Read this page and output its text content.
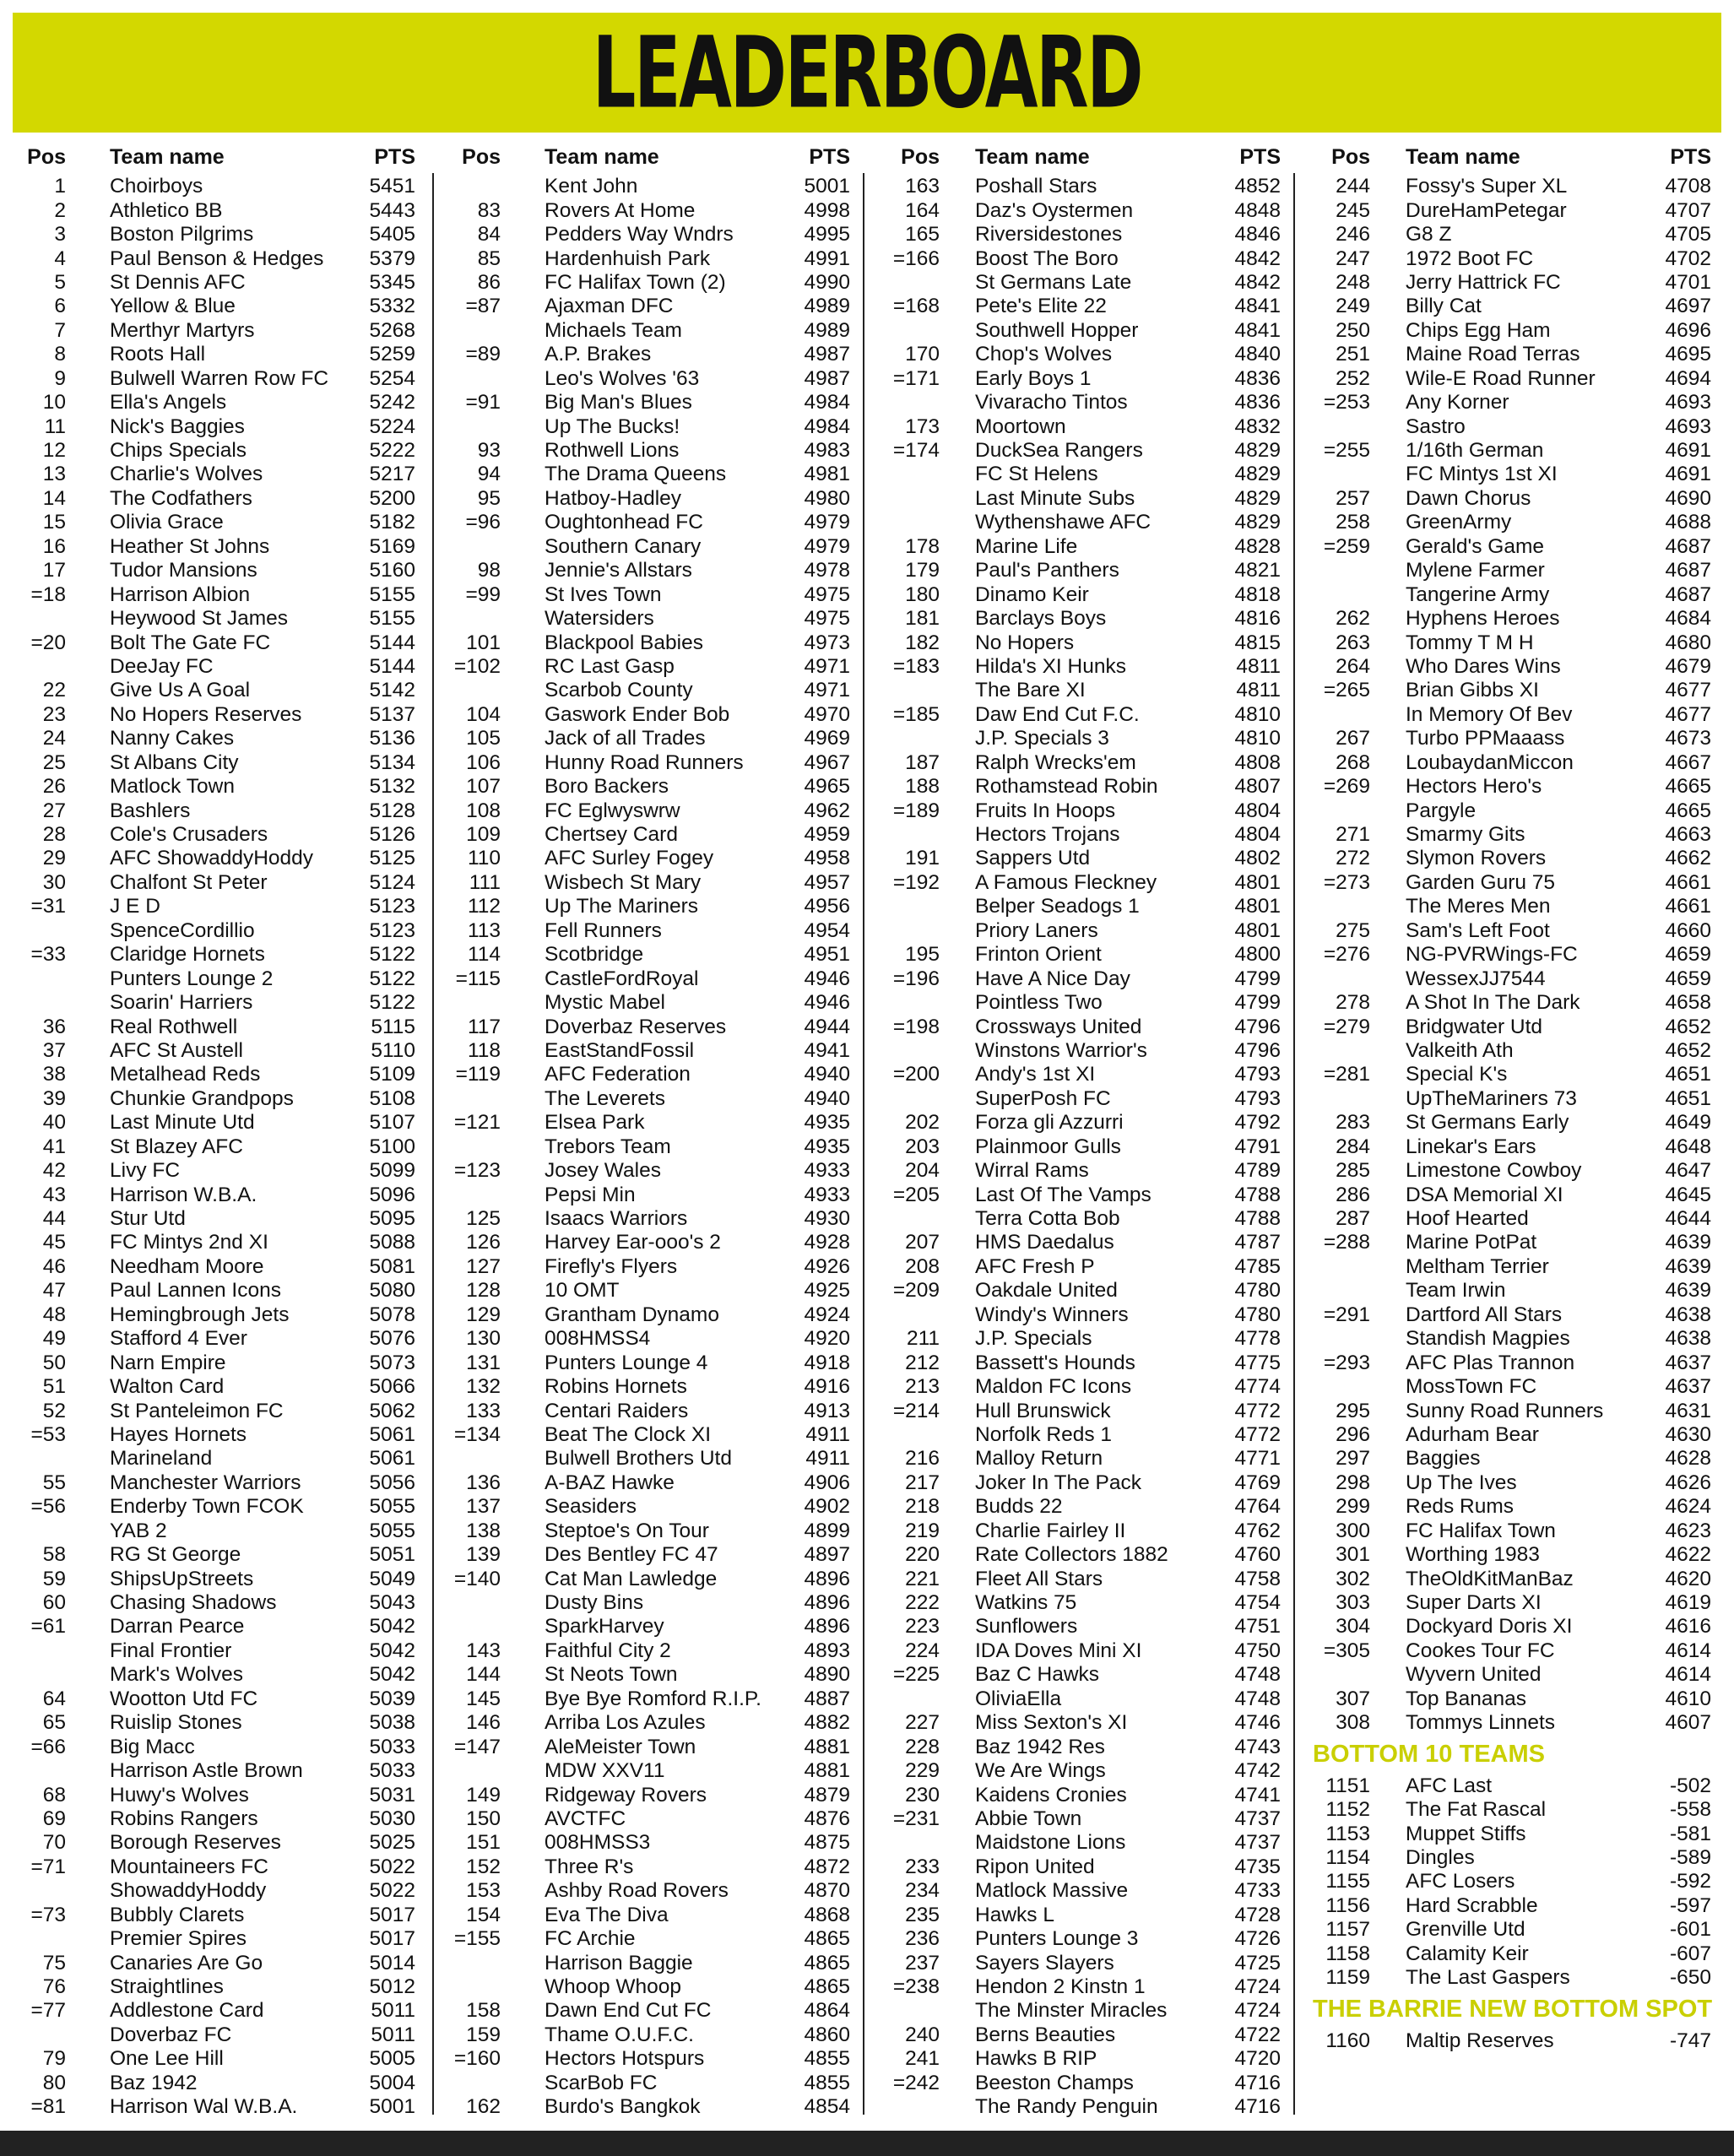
LEADERBOARD
Pos Team name	PTS
1 Choirboys	5451
2 Athletico BB	5443
3 Boston Pilgrims	5405
4 Paul Benson & Hedges	5379
5 St Dennis AFC	5345
6 Yellow & Blue	5332
7 Merthyr Martyrs	5268
8 Roots Hall	5259
9 Bulwell Warren Row FC	5254
10 Ella's Angels	5242
11 Nick's Baggies	5224
12 Chips Specials	5222
13 Charlie's Wolves	5217
14 The Codfathers	5200
15 Olivia Grace	5182
16 Heather St Johns	5169
17 Tudor Mansions	5160
=18 Harrison Albion	5155
Heywood St James	5155
=20 Bolt The Gate FC	5144
DeeJay FC	5144
22 Give Us A Goal	5142
23 No Hopers Reserves	5137
24 Nanny Cakes	5136
25 St Albans City	5134
26 Matlock Town	5132
27 Bashlers	5128
28 Cole's Crusaders	5126
29 AFC ShowaddyHoddy	5125
30 Chalfont St Peter	5124
=31 J E D	5123
SpenceCordillio	5123
=33 Claridge Hornets	5122
Punters Lounge 2	5122
Soarin' Harriers	5122
36 Real Rothwell	5115
37 AFC St Austell	5110
38 Metalhead Reds	5109
39 Chunkie Grandpops	5108
40 Last Minute Utd	5107
41 St Blazey AFC	5100
42 Livy FC	5099
43 Harrison W.B.A.	5096
44 Stur Utd	5095
45 FC Mintys 2nd XI	5088
46 Needham Moore	5081
47 Paul Lannen Icons	5080
48 Hemingbrough Jets	5078
49 Stafford 4 Ever	5076
50 Narn Empire	5073
51 Walton Card	5066
52 St Panteleimon FC	5062
=53 Hayes Hornets	5061
Marineland	5061
55 Manchester Warriors	5056
=56 Enderby Town FCOK	5055
YAB 2	5055
58 RG St George	5051
59 ShipsUpStreets	5049
60 Chasing Shadows	5043
=61 Darran Pearce	5042
Final Frontier	5042
Mark's Wolves	5042
64 Wootton Utd FC	5039
65 Ruislip Stones	5038
=66 Big Macc	5033
Harrison Astle Brown	5033
68 Huwy's Wolves	5031
69 Robins Rangers	5030
70 Borough Reserves	5025
=71 Mountaineers FC	5022
ShowaddyHoddy	5022
=73 Bubbly Clarets	5017
Premier Spires	5017
75 Canaries Are Go	5014
76 Straightlines	5012
=77 Addlestone Card	5011
Doverbaz FC	5011
79 One Lee Hill	5005
80 Baz 1942	5004
=81 Harrison Wal W.B.A.	5001
Pos Team name	PTS
Kent John	5001
83 Rovers At Home	4998
84 Pedders Way Wndrs	4995
85 Hardenhuish Park	4991
86 FC Halifax Town (2)	4990
=87 Ajaxman DFC	4989
Michaels Team	4989
=89 A.P. Brakes	4987
Leo's Wolves '63	4987
=91 Big Man's Blues	4984
Up The Bucks!	4984
93 Rothwell Lions	4983
94 The Drama Queens	4981
95 Hatboy-Hadley	4980
=96 Oughtonhead FC	4979
Southern Canary	4979
98 Jennie's Allstars	4978
=99 St Ives Town	4975
Watersiders	4975
101 Blackpool Babies	4973
=102 RC Last Gasp	4971
Scarbob County	4971
104 Gaswork Ender Bob	4970
105 Jack of all Trades	4969
106 Hunny Road Runners	4967
107 Boro Backers	4965
108 FC Eglwyswrw	4962
109 Chertsey Card	4959
110 AFC Surley Fogey	4958
111 Wisbech St Mary	4957
112 Up The Mariners	4956
113 Fell Runners	4954
114 Scotbridge	4951
=115 CastleFordRoyal	4946
Mystic Mabel	4946
117 Doverbaz Reserves	4944
118 EastStandFossil	4941
=119 AFC Federation	4940
The Leverets	4940
=121 Elsea Park	4935
Trebors Team	4935
=123 Josey Wales	4933
Pepsi Min	4933
125 Isaacs Warriors	4930
126 Harvey Ear-ooo's 2	4928
127 Firefly's Flyers	4926
128 10 OMT	4925
129 Grantham Dynamo	4924
130 008HMSS4	4920
131 Punters Lounge 4	4918
132 Robins Hornets	4916
133 Centari Raiders	4913
=134 Beat The Clock XI	4911
Bulwell Brothers Utd	4911
136 A-BAZ Hawke	4906
137 Seasiders	4902
138 Steptoe's On Tour	4899
139 Des Bentley FC 47	4897
=140 Cat Man Lawledge	4896
Dusty Bins	4896
SparkHarvey	4896
143 Faithful City 2	4893
144 St Neots Town	4890
145 Bye Bye Romford R.I.P.	4887
146 Arriba Los Azules	4882
=147 AleMeister Town	4881
MDW XXV11	4881
149 Ridgeway Rovers	4879
150 AVCTFC	4876
151 008HMSS3	4875
152 Three R's	4872
153 Ashby Road Rovers	4870
154 Eva The Diva	4868
=155 FC Archie	4865
Harrison Baggie	4865
Whoop Whoop	4865
158 Dawn End Cut FC	4864
159 Thame O.U.F.C.	4860
=160 Hectors Hotspurs	4855
ScarBob FC	4855
162 Burdo's Bangkok	4854
Pos Team name	PTS
163 Poshall Stars	4852
164 Daz's Oystermen	4848
165 Riversidestones	4846
=166 Boost The Boro	4842
St Germans Late	4842
=168 Pete's Elite 22	4841
Southwell Hopper	4841
170 Chop's Wolves	4840
=171 Early Boys 1	4836
Vivaracho Tintos	4836
173 Moortown	4832
=174 DuckSea Rangers	4829
FC St Helens	4829
Last Minute Subs	4829
Wythenshawe AFC	4829
178 Marine Life	4828
179 Paul's Panthers	4821
180 Dinamo Keir	4818
181 Barclays Boys	4816
182 No Hopers	4815
=183 Hilda's XI Hunks	4811
The Bare XI	4811
=185 Daw End Cut F.C.	4810
J.P. Specials 3	4810
187 Ralph Wrecks'em	4808
188 Rothamstead Robin	4807
=189 Fruits In Hoops	4804
Hectors Trojans	4804
191 Sappers Utd	4802
=192 A Famous Fleckney	4801
Belper Seadogs 1	4801
Priory Laners	4801
195 Frinton Orient	4800
=196 Have A Nice Day	4799
Pointless Two	4799
=198 Crossways United	4796
Winstons Warrior's	4796
=200 Andy's 1st XI	4793
SuperPosh FC	4793
202 Forza gli Azzurri	4792
203 Plainmoor Gulls	4791
204 Wirral Rams	4789
=205 Last Of The Vamps	4788
Terra Cotta Bob	4788
207 HMS Daedalus	4787
208 AFC Fresh P	4785
=209 Oakdale United	4780
Windy's Winners	4780
211 J.P. Specials	4778
212 Bassett's Hounds	4775
213 Maldon FC Icons	4774
=214 Hull Brunswick	4772
Norfolk Reds 1	4772
216 Malloy Return	4771
217 Joker In The Pack	4769
218 Budds 22	4764
219 Charlie Fairley II	4762
220 Rate Collectors 1882	4760
221 Fleet All Stars	4758
222 Watkins 75	4754
223 Sunflowers	4751
224 IDA Doves Mini XI	4750
=225 Baz C Hawks	4748
OliviaElla	4748
227 Miss Sexton's XI	4746
228 Baz 1942 Res	4743
229 We Are Wings	4742
230 Kaidens Cronies	4741
=231 Abbie Town	4737
Maidstone Lions	4737
233 Ripon United	4735
234 Matlock Massive	4733
235 Hawks L	4728
236 Punters Lounge 3	4726
237 Sayers Slayers	4725
=238 Hendon 2 Kinstn 1	4724
The Minster Miracles	4724
240 Berns Beauties	4722
241 Hawks B RIP	4720
=242 Beeston Champs	4716
The Randy Penguin	4716
Pos Team name	PTS
244 Fossy's Super XL	4708
245 DureHamPetegar	4707
246 G8 Z	4705
247 1972 Boot FC	4702
248 Jerry Hattrick FC	4701
249 Billy Cat	4697
250 Chips Egg Ham	4696
251 Maine Road Terras	4695
252 Wile-E Road Runner	4694
=253 Any Korner	4693
Sastro	4693
=255 1/16th German	4691
FC Mintys 1st XI	4691
257 Dawn Chorus	4690
258 GreenArmy	4688
=259 Gerald's Game	4687
Mylene Farmer	4687
Tangerine Army	4687
262 Hyphens Heroes	4684
263 Tommy T M H	4680
264 Who Dares Wins	4679
=265 Brian Gibbs XI	4677
In Memory Of Bev	4677
267 Turbo PPMaaass	4673
268 LoubaydanMiccon	4667
=269 Hectors Hero's	4665
Pargyle	4665
271 Smarmy Gits	4663
272 Slymon Rovers	4662
=273 Garden Guru 75	4661
The Meres Men	4661
275 Sam's Left Foot	4660
=276 NG-PVRWings-FC	4659
WessexJJ7544	4659
278 A Shot In The Dark	4658
=279 Bridgwater Utd	4652
Valkeith Ath	4652
=281 Special K's	4651
UpTheMariners 73	4651
283 St Germans Early	4649
284 Linekar's Ears	4648
285 Limestone Cowboy	4647
286 DSA Memorial XI	4645
287 Hoof Hearted	4644
=288 Marine PotPat	4639
Meltham Terrier	4639
Team Irwin	4639
=291 Dartford All Stars	4638
Standish Magpies	4638
=293 AFC Plas Trannon	4637
MossTown FC	4637
295 Sunny Road Runners	4631
296 Adurham Bear	4630
297 Baggies	4628
298 Up The Ives	4626
299 Reds Rums	4624
300 FC Halifax Town	4623
301 Worthing 1983	4622
302 TheOldKitManBaz	4620
303 Super Darts XI	4619
304 Dockyard Doris XI	4616
=305 Cookes Tour FC	4614
Wyvern United	4614
307 Top Bananas	4610
308 Tommys Linnets	4607
BOTTOM 10 TEAMS
1151 AFC Last	-502
1152 The Fat Rascal	-558
1153 Muppet Stiffs	-581
1154 Dingles	-589
1155 AFC Losers	-592
1156 Hard Scrabble	-597
1157 Grenville Utd	-601
1158 Calamity Keir	-607
1159 The Last Gaspers	-650
THE BARRIE NEW BOTTOM SPOT
1160 Maltip Reserves	-747
